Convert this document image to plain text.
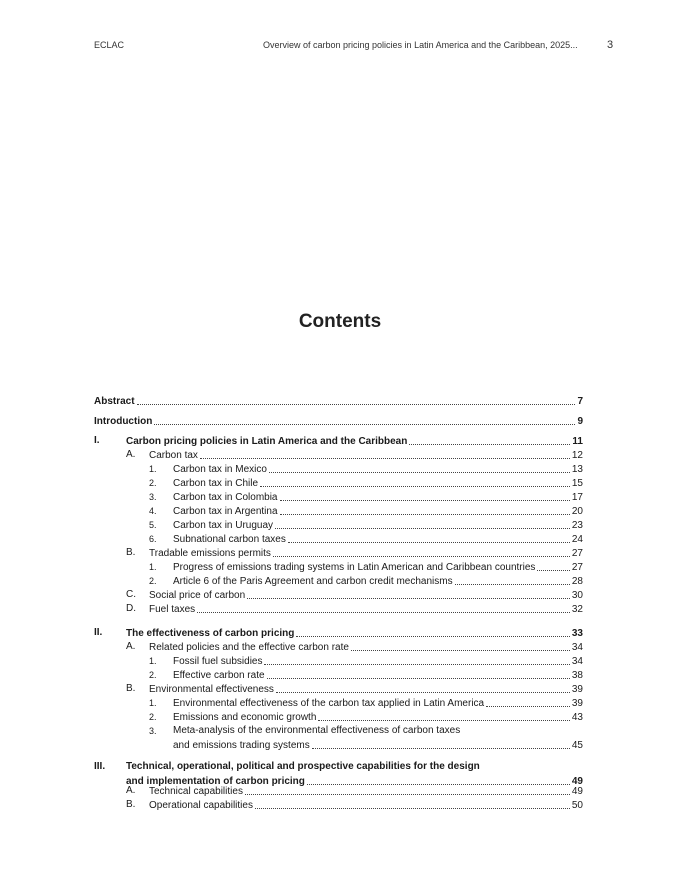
ECLAC	Overview of carbon pricing policies in Latin America and the Caribbean, 2025...	3
Contents
Abstract	7
Introduction	9
I.	Carbon pricing policies in Latin America and the Caribbean	11
A. Carbon tax	12
1. Carbon tax in Mexico	13
2. Carbon tax in Chile	15
3. Carbon tax in Colombia	17
4. Carbon tax in Argentina	20
5. Carbon tax in Uruguay	23
6. Subnational carbon taxes	24
B. Tradable emissions permits	27
1. Progress of emissions trading systems in Latin American and Caribbean countries	27
2. Article 6 of the Paris Agreement and carbon credit mechanisms	28
C. Social price of carbon	30
D. Fuel taxes	32
II. The effectiveness of carbon pricing	33
A. Related policies and the effective carbon rate	34
1. Fossil fuel subsidies	34
2. Effective carbon rate	38
B. Environmental effectiveness	39
1. Environmental effectiveness of the carbon tax applied in Latin America	39
2. Emissions and economic growth	43
3. Meta-analysis of the environmental effectiveness of carbon taxes
and emissions trading systems	45
III. Technical, operational, political and prospective capabilities for the design
and implementation of carbon pricing	49
A. Technical capabilities	49
B. Operational capabilities	50
